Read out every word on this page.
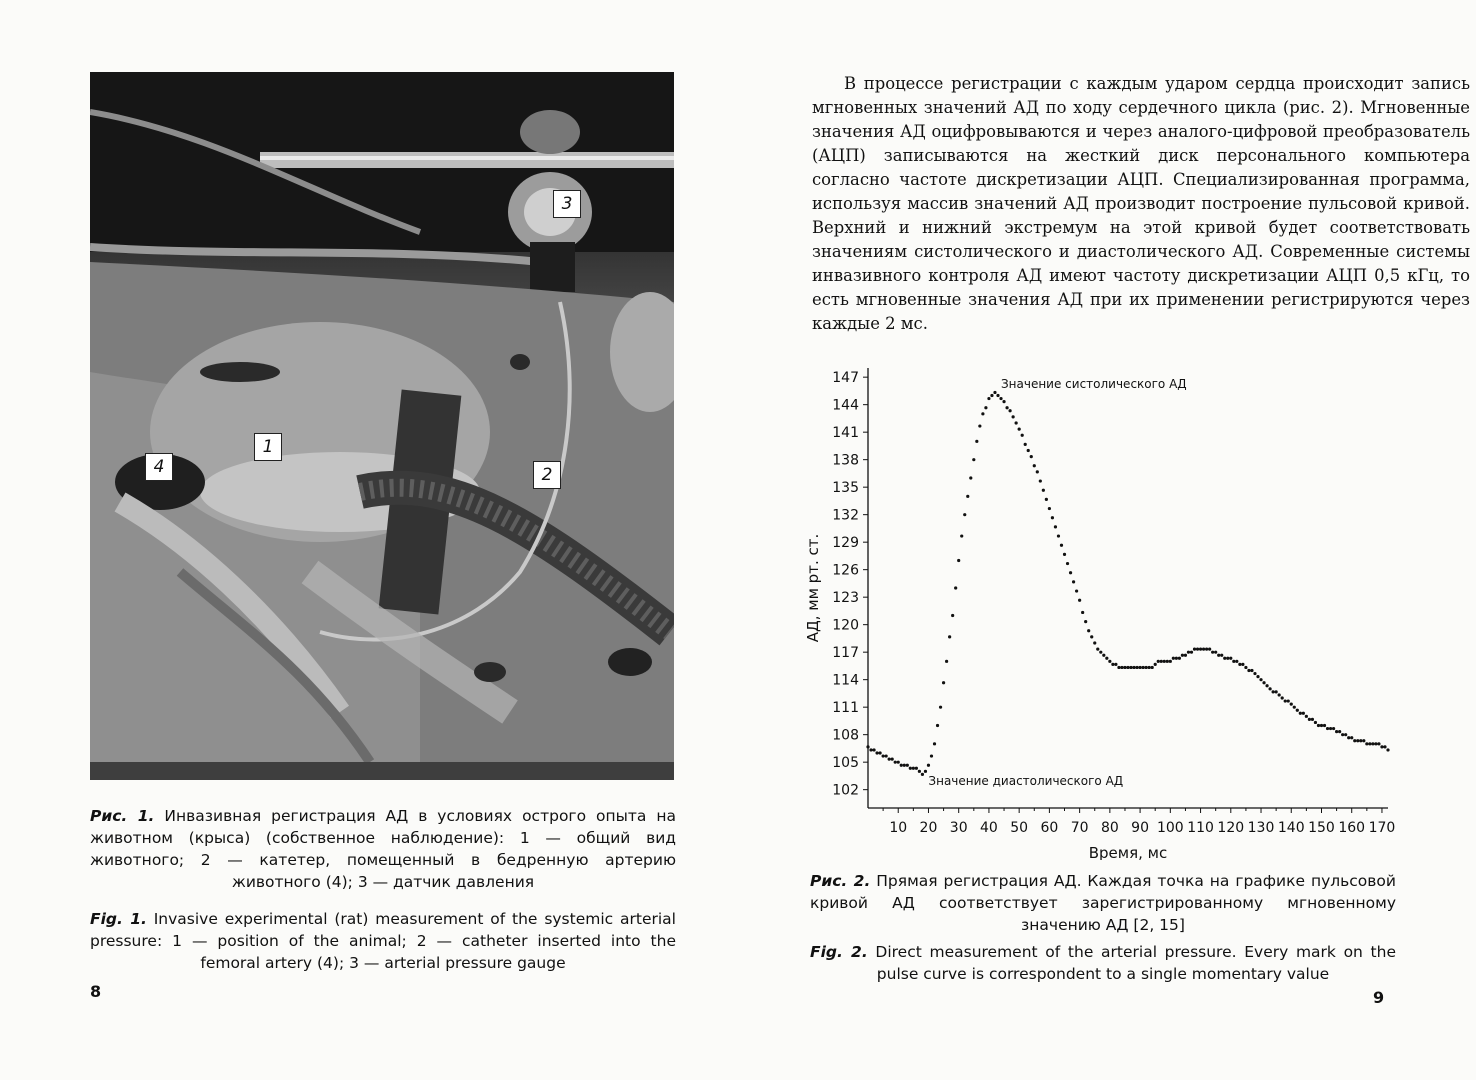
3
1
4	2
Рис. 1. Инвазивная регистрация АД в условиях острого опыта на животном (крыса) (собственное наблюдение): 1 — общий вид животного; 2 — катетер, помещенный в бедренную артерию животного (4); 3 — датчик давления
Fig. 1. Invasive experimental (rat) measurement of the systemic arterial pressure: 1 — position of the animal; 2 — catheter inserted into the femoral artery (4); 3 — arterial pressure gauge
8

В процессе регистрации с каждым ударом сердца происходит запись мгновенных значений АД по ходу сердечного цикла (рис. 2). Мгновенные значения АД оцифровываются и через аналого-цифровой преобразователь (АЦП) записываются на жесткий диск персонального компьютера согласно частоте дискретизации АЦП. Специализированная программа, используя массив значений АД производит построение пульсовой кривой. Верхний и нижний экстремум на этой кривой будет соответствовать значениям систолического и диастолического АД. Современные системы инвазивного контроля АД имеют частоту дискретизации АЦП 0,5 кГц, то есть мгновенные значения АД при их применении регистрируются через каждые 2 мс.

102
105
108
111
114
117
120
123
126
129
132
135
138
141
144
147
10 20 30 40 50 60 70 80 90 100 110 120 130 140 150 160 170
Время, мс
АД, мм рт. ст.
Значение систолического АД
Значение диастолического АД
Рис. 2. Прямая регистрация АД. Каждая точка на графике пульсовой кривой АД соответствует зарегистрированному мгновенному значению АД [2, 15]
Fig. 2. Direct measurement of the arterial pressure. Every mark on the pulse curve is correspondent to a single momentary value
9
